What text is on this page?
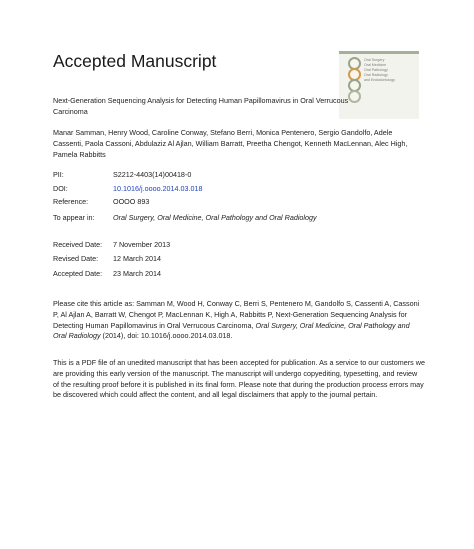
Accepted Manuscript	Oral Surgery
Oral Medicine
Oral Pathology
Oral Radiology
and Endodontology
Next-Generation Sequencing Analysis for Detecting Human Papillomavirus in Oral Verrucous Carcinoma
Manar Samman, Henry Wood, Caroline Conway, Stefano Berri, Monica Pentenero, Sergio Gandolfo, Adele Cassenti, Paola Cassoni, Abdulaziz Al Ajlan, William Barratt, Preetha Chengot, Kenneth MacLennan, Alec High, Pamela Rabbitts
PII:	S2212-4403(14)00418-0
DOI:	10.1016/j.oooo.2014.03.018
Reference:	OOOO 893
To appear in:	Oral Surgery, Oral Medicine, Oral Pathology and Oral Radiology
Received Date: 7 November 2013
Revised Date: 12 March 2014
Accepted Date: 23 March 2014
Please cite this article as: Samman M, Wood H, Conway C, Berri S, Pentenero M, Gandolfo S, Cassenti A, Cassoni P, Al Ajlan A, Barratt W, Chengot P, MacLennan K, High A, Rabbitts P, Next-Generation Sequencing Analysis for Detecting Human Papillomavirus in Oral Verrucous Carcinoma, Oral Surgery, Oral Medicine, Oral Pathology and Oral Radiology (2014), doi: 10.1016/j.oooo.2014.03.018.
This is a PDF file of an unedited manuscript that has been accepted for publication. As a service to our customers we are providing this early version of the manuscript. The manuscript will undergo copyediting, typesetting, and review of the resulting proof before it is published in its final form. Please note that during the production process errors may be discovered which could affect the content, and all legal disclaimers that apply to the journal pertain.
